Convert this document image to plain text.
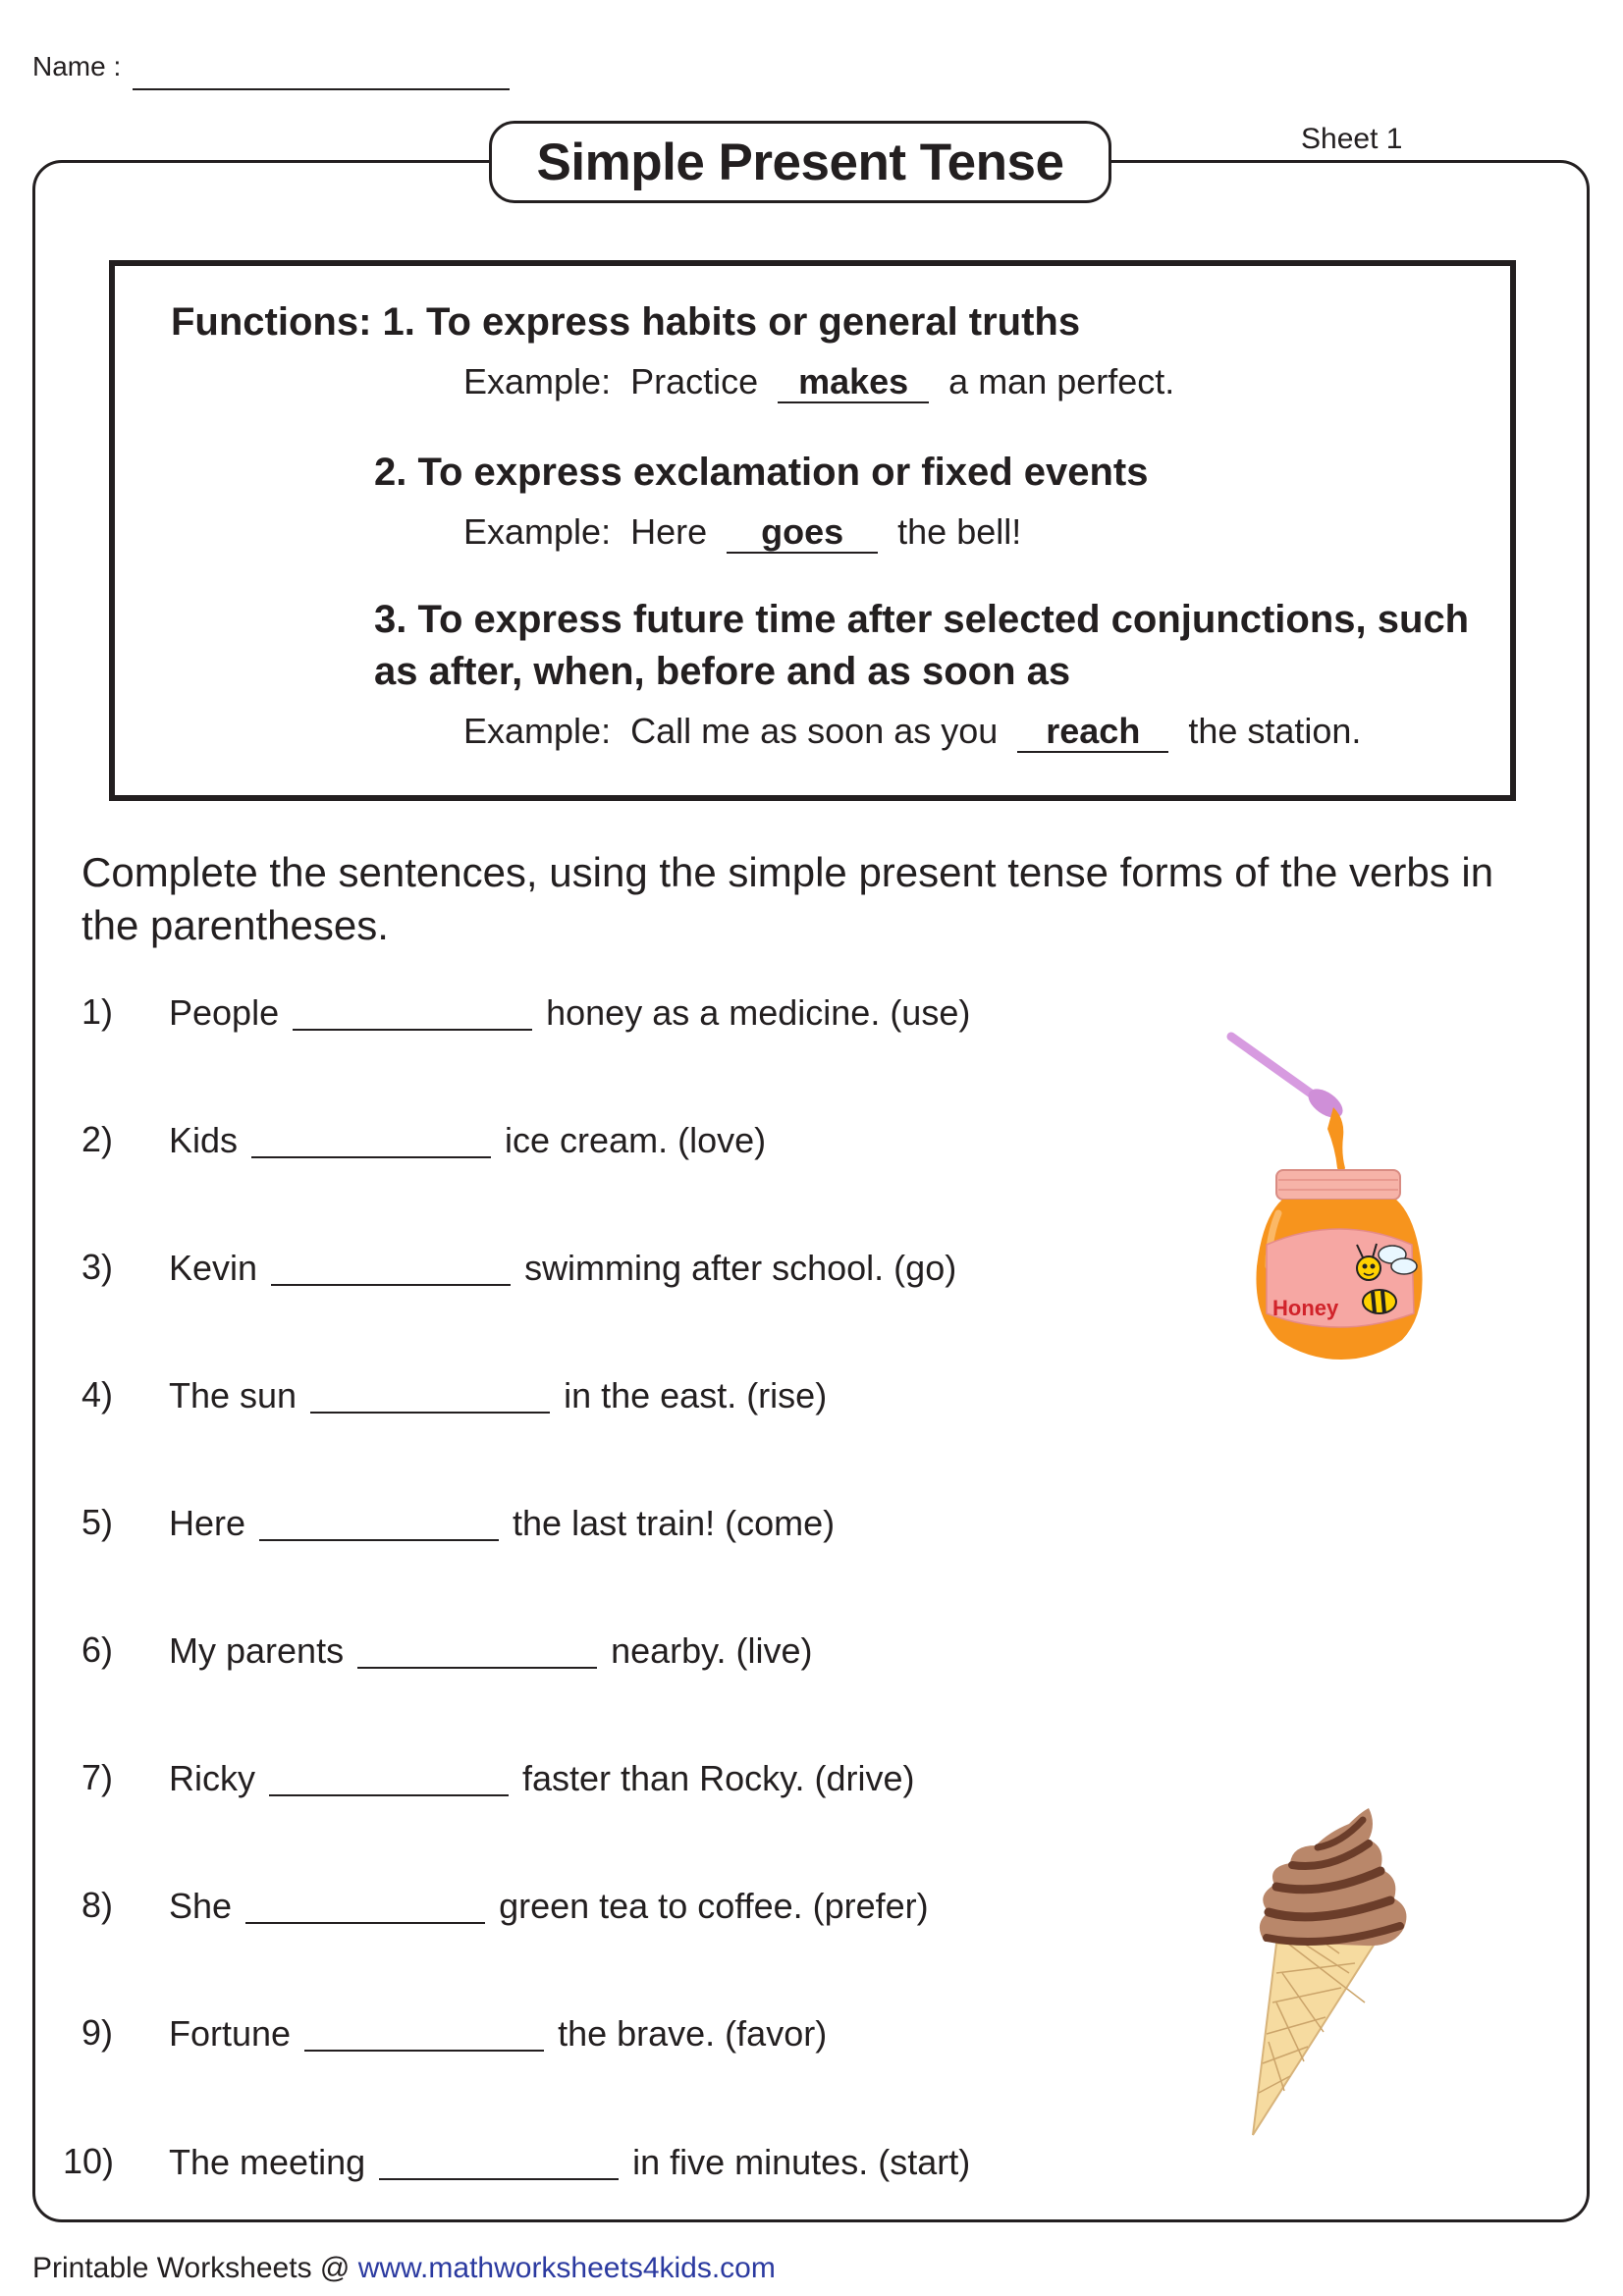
Name :
Sheet 1
Simple Present Tense
Functions: 1. To express habits or general truths
Example: Practice makes a man perfect.
2. To express exclamation or fixed events
Example: Here goes the bell!
3. To express future time after selected conjunctions, such
as after, when, before and as soon as
Example: Call me as soon as you reach the station.
Complete the sentences, using the simple present tense forms of the verbs in the parentheses.
1) People	honey as a medicine. (use)
2) Kids	ice cream. (love)
3) Kevin	swimming after school. (go)
4) The sun	in the east. (rise)
5) Here	the last train! (come)
6) My parents	nearby. (live)
7) Ricky	faster than Rocky. (drive)
8) She	green tea to coffee. (prefer)
9) Fortune	the brave. (favor)
10) The meeting	in five minutes. (start)
Honey
Printable Worksheets @ www.mathworksheets4kids.com
